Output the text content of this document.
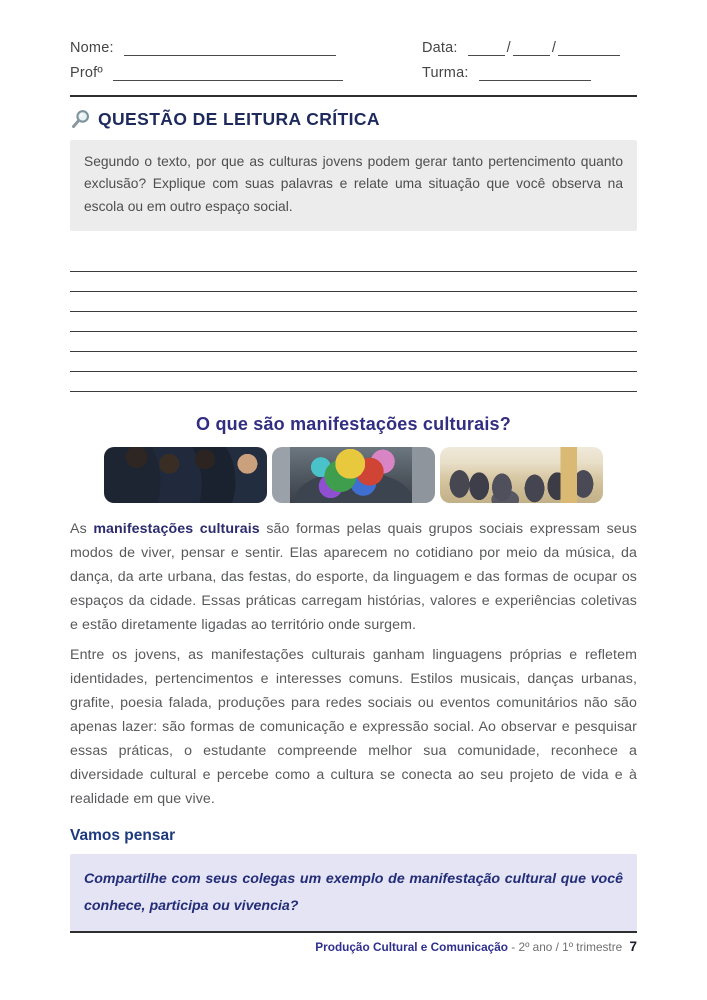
Nome:
Profº
Data:	/	/
Turma:
QUESTÃO DE LEITURA CRÍTICA
Segundo o texto, por que as culturas jovens podem gerar tanto pertencimento quanto exclusão? Explique com suas palavras e relate uma situação que você observa na escola ou em outro espaço social.
O que são manifestações culturais?

As manifestações culturais são formas pelas quais grupos sociais expressam seus modos de viver, pensar e sentir. Elas aparecem no cotidiano por meio da música, da dança, da arte urbana, das festas, do esporte, da linguagem e das formas de ocupar os espaços da cidade. Essas práticas carregam histórias, valores e experiências coletivas e estão diretamente ligadas ao território onde surgem.

Entre os jovens, as manifestações culturais ganham linguagens próprias e refletem identidades, pertencimentos e interesses comuns. Estilos musicais, danças urbanas, grafite, poesia falada, produções para redes sociais ou eventos comunitários não são apenas lazer: são formas de comunicação e expressão social. Ao observar e pesquisar essas práticas, o estudante compreende melhor sua comunidade, reconhece a diversidade cultural e percebe como a cultura se conecta ao seu projeto de vida e à realidade em que vive.

Vamos pensar
Compartilhe com seus colegas um exemplo de manifestação cultural que você conhece, participa ou vivencia?
Produção Cultural e Comunicação - 2º ano / 1º trimestre 7
